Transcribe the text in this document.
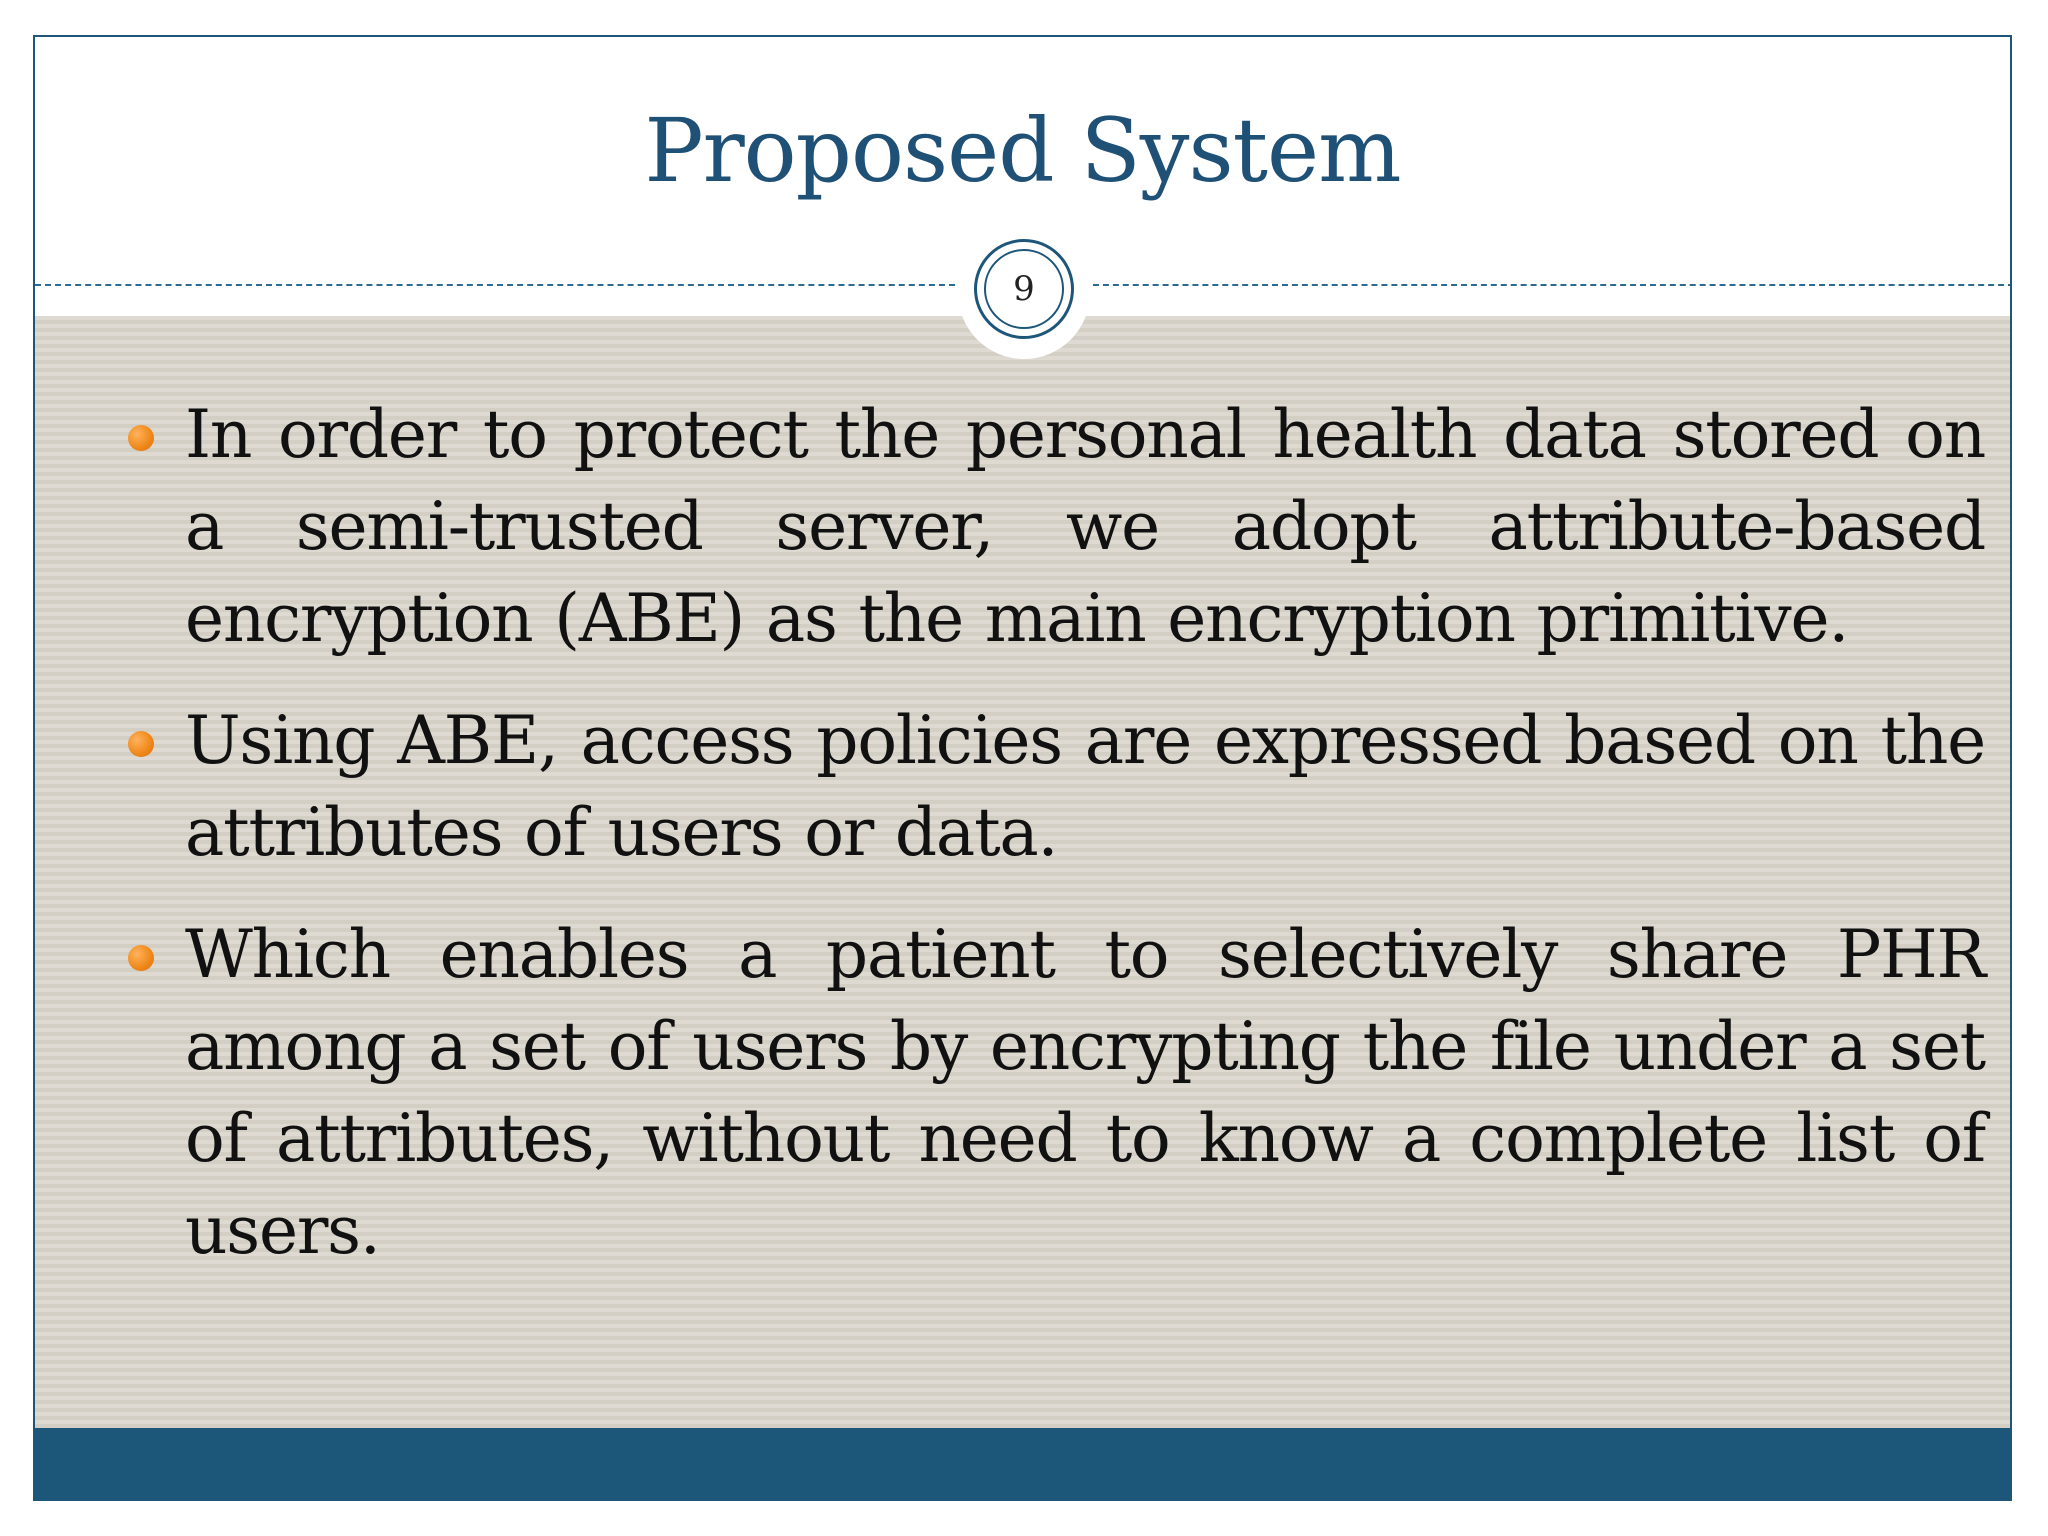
Proposed System
9
In order to protect the personal health data stored on a semi-trusted server, we adopt attribute-based encryption (ABE) as the main encryption primitive.
Using ABE, access policies are expressed based on the attributes of users or data.
Which enables a patient to selectively share PHR among a set of users by encrypting the file under a set of attributes, without need to know a complete list of users.
